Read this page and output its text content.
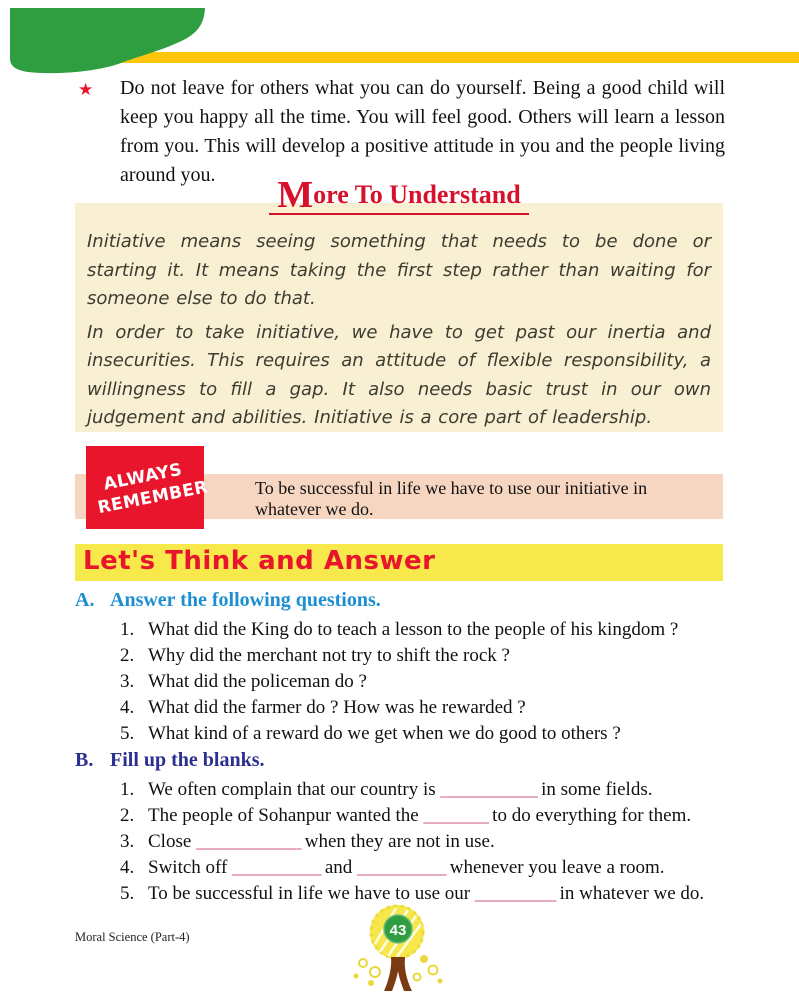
★ Do not leave for others what you can do yourself. Being a good child will keep you happy all the time. You will feel good. Others will learn a lesson from you. This will develop a positive attitude in you and the people living around you.	More To Understand

Initiative means seeing something that needs to be done or starting it. It means taking the first step rather than waiting for someone else to do that.

In order to take initiative, we have to get past our inertia and insecurities. This requires an attitude of flexible responsibility, a willingness to fill a gap. It also needs basic trust in our own judgement and abilities. Initiative is a core part of leadership.

To be successful in life we have to use our initiative in whatever we do.
ALWAYS REMEMBER
Let's Think and Answer
A. Answer the following questions.
1. What did the King do to teach a lesson to the people of his kingdom ?
2. Why did the merchant not try to shift the rock ?
3. What did the policeman do ?
4. What did the farmer do ? How was he rewarded ?
5. What kind of a reward do we get when we do good to others ?
B. Fill up the blanks.
1. We often complain that our country is ____________ in some fields.
2. The people of Sohanpur wanted the ________ to do everything for them.
3. Close _____________ when they are not in use.
4. Switch off ___________ and ___________ whenever you leave a room.
5. To be successful in life we have to use our __________ in whatever we do.
Moral Science (Part-4)	43
